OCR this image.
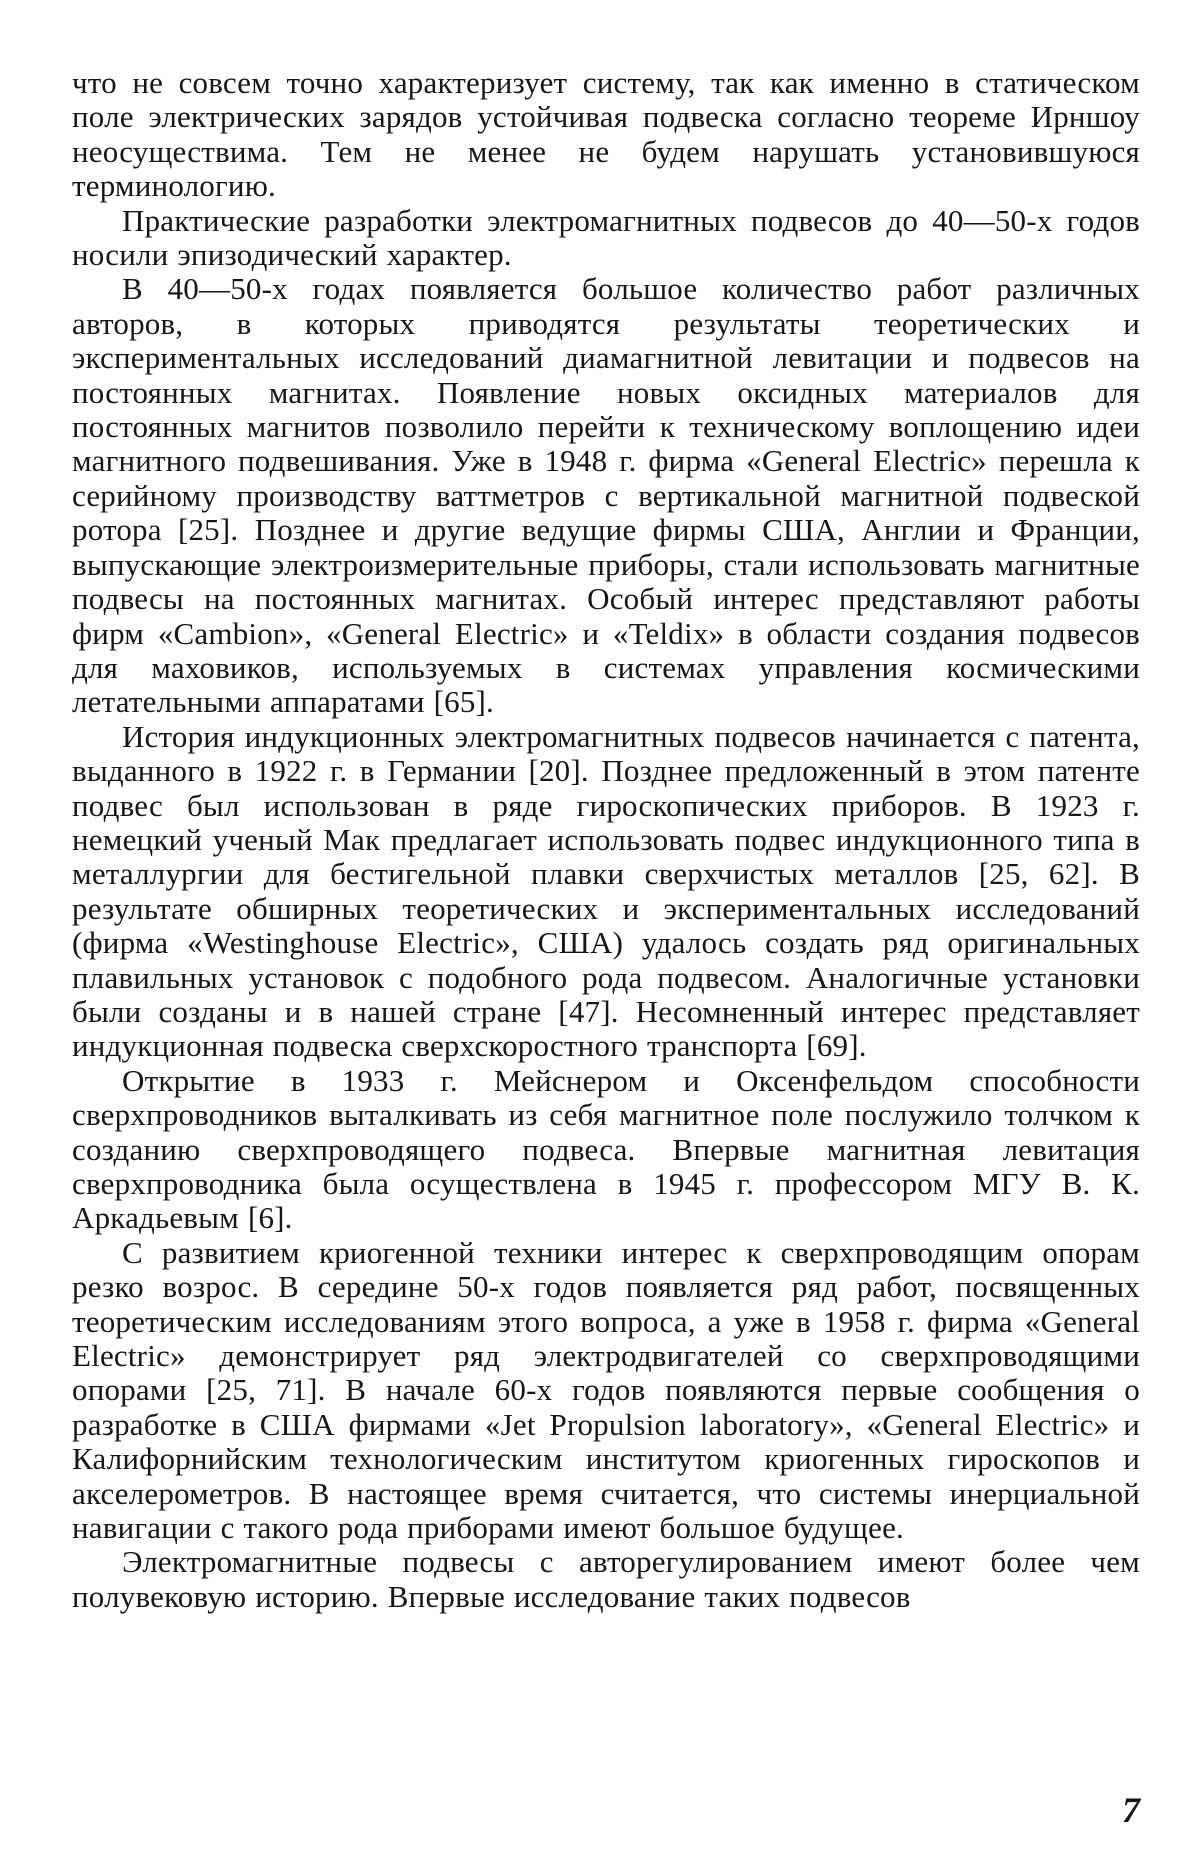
что не совсем точно характеризует систему, так как именно в статическом поле электрических зарядов устойчивая подвеска согласно теореме Ирншоу неосуществима. Тем не менее не будем нарушать установившуюся терминологию.

Практические разработки электромагнитных подвесов до 40—50-х годов носили эпизодический характер.

В 40—50-х годах появляется большое количество работ различных авторов, в которых приводятся результаты теоретических и экспериментальных исследований диамагнитной левитации и подвесов на постоянных магнитах. Появление новых оксидных материалов для постоянных магнитов позволило перейти к техническому воплощению идеи магнитного подвешивания. Уже в 1948 г. фирма «General Electric» перешла к серийному производству ваттметров с вертикальной магнитной подвеской ротора [25]. Позднее и другие ведущие фирмы США, Англии и Франции, выпускающие электроизмерительные приборы, стали использовать магнитные подвесы на постоянных магнитах. Особый интерес представляют работы фирм «Cambion», «General Electric» и «Teldix» в области создания подвесов для маховиков, используемых в системах управления космическими летательными аппаратами [65].

История индукционных электромагнитных подвесов начинается с патента, выданного в 1922 г. в Германии [20]. Позднее предложенный в этом патенте подвес был использован в ряде гироскопических приборов. В 1923 г. немецкий ученый Мак предлагает использовать подвес индукционного типа в металлургии для бестигельной плавки сверхчистых металлов [25, 62]. В результате обширных теоретических и экспериментальных исследований (фирма «Westinghouse Electric», США) удалось создать ряд оригинальных плавильных установок с подобного рода подвесом. Аналогичные установки были созданы и в нашей стране [47]. Несомненный интерес представляет индукционная подвеска сверхскоростного транспорта [69].

Открытие в 1933 г. Мейснером и Оксенфельдом способности сверхпроводников выталкивать из себя магнитное поле послужило толчком к созданию сверхпроводящего подвеса. Впервые магнитная левитация сверхпроводника была осуществлена в 1945 г. профессором МГУ В. К. Аркадьевым [6].

С развитием криогенной техники интерес к сверхпроводящим опорам резко возрос. В середине 50-х годов появляется ряд работ, посвященных теоретическим исследованиям этого вопроса, а уже в 1958 г. фирма «General Electric» демонстрирует ряд электродвигателей со сверхпроводящими опорами [25, 71]. В начале 60-х годов появляются первые сообщения о разработке в США фирмами «Jet Propulsion laboratory», «General Electric» и Калифорнийским технологическим институтом криогенных гироскопов и акселерометров. В настоящее время считается, что системы инерциальной навигации с такого рода приборами имеют большое будущее.

Электромагнитные подвесы с авторегулированием имеют более чем полувековую историю. Впервые исследование таких подвесов

7
